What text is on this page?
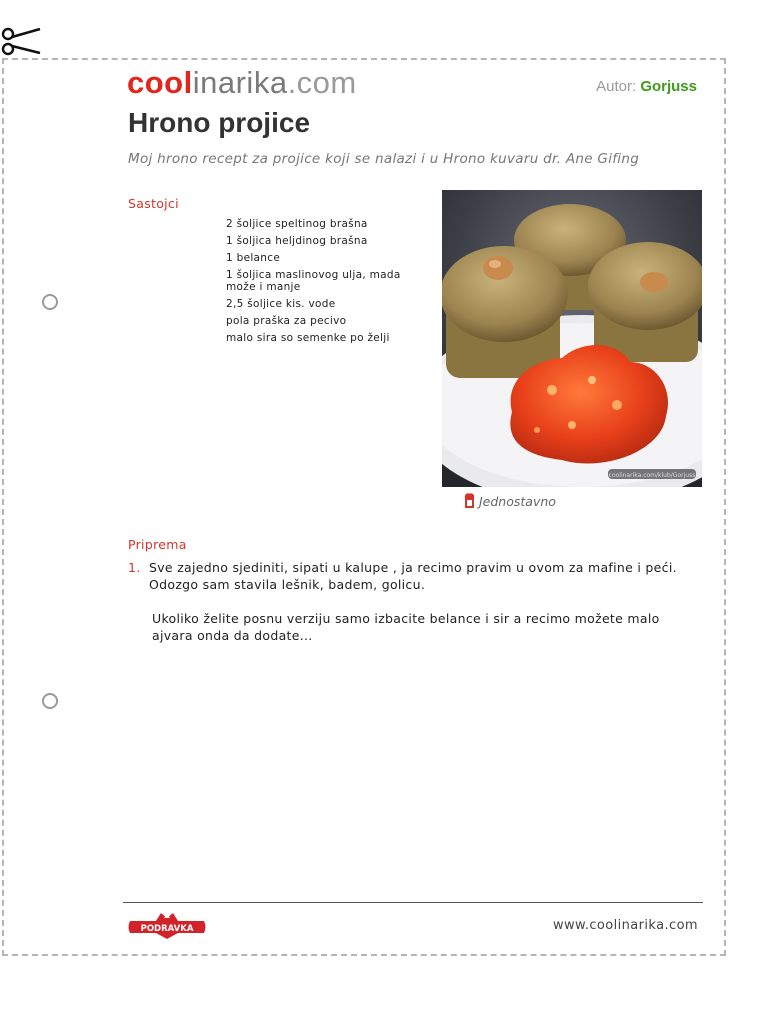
coolinarika.com	Autor: Gorjuss
Hrono projice
Moj hrono recept za projice koji se nalazi i u Hrono kuvaru dr. Ane Gifing
Sastojci
2 šoljice speltinog brašna
1 šoljica heljdinog brašna
1 belance
1 šoljica maslinovog ulja, mada može i manje
2,5 šoljice kis. vode
pola praška za pecivo
malo sira so semenke po želji
coolinarika.com/klub/Gorjuss
Jednostavno
Priprema
1. Sve zajedno sjediniti, sipati u kalupe , ja recimo pravim u ovom za mafine i peći. Odozgo sam stavila lešnik, badem, golicu.
Ukoliko želite posnu verziju samo izbacite belance i sir a recimo možete malo ajvara onda da dodate...
PODRAVKA	www.coolinarika.com
